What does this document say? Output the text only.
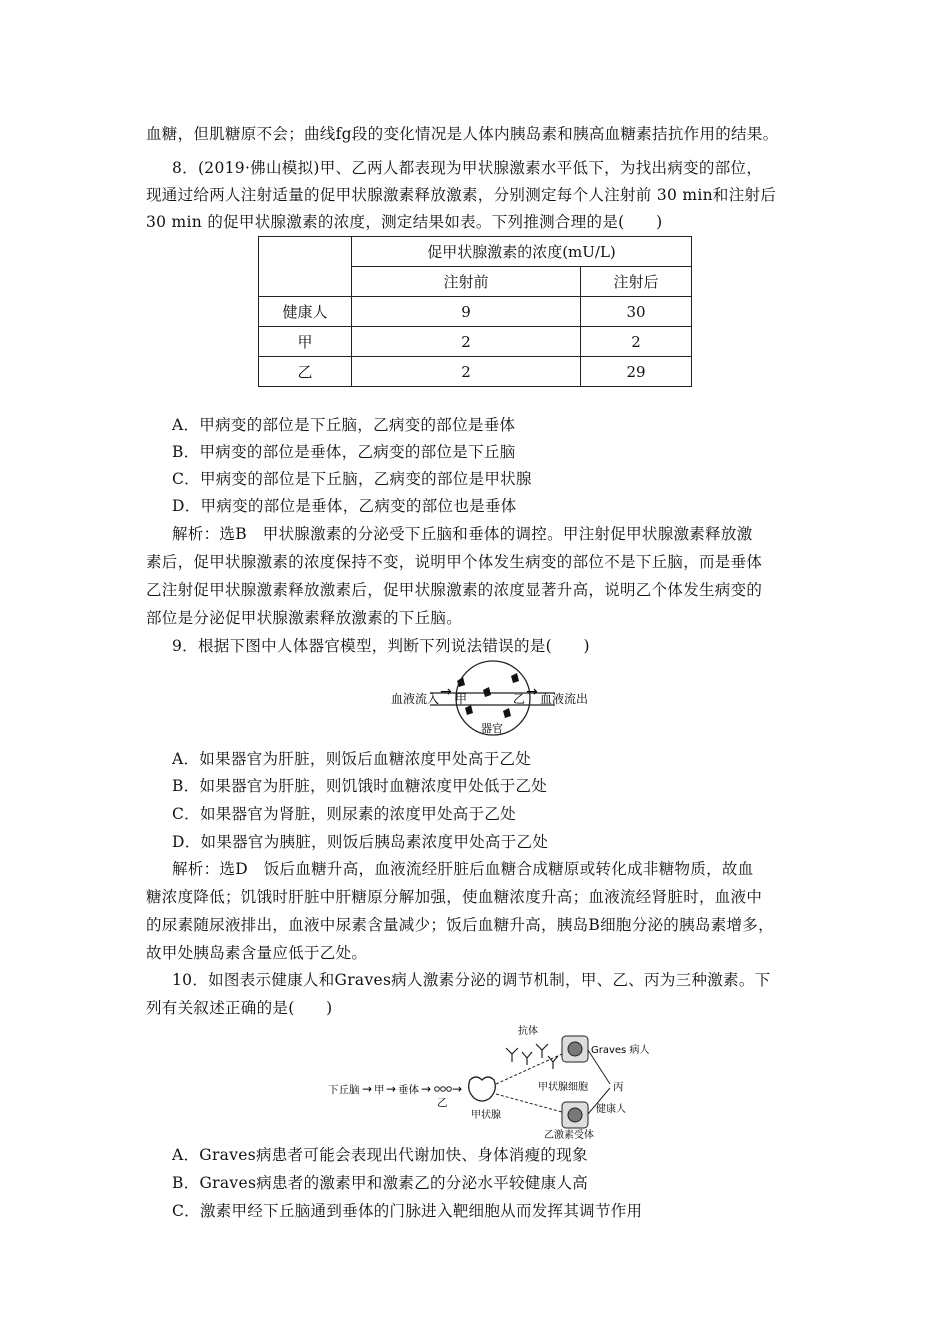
血糖，但肌糖原不会；曲线fg段的变化情况是人体内胰岛素和胰高血糖素拮抗作用的结果。
8．(2019·佛山模拟)甲、乙两人都表现为甲状腺激素水平低下，为找出病变的部位，
现通过给两人注射适量的促甲状腺激素释放激素，分别测定每个人注射前 30 min和注射后
30 min 的促甲状腺激素的浓度，测定结果如表。下列推测合理的是(　　)
	促甲状腺激素的浓度(mU/L)	
	注射前	注射后
健康人	9	30
甲	2	2
乙	2	29
A．甲病变的部位是下丘脑，乙病变的部位是垂体
B．甲病变的部位是垂体，乙病变的部位是下丘脑
C．甲病变的部位是下丘脑，乙病变的部位是甲状腺
D．甲病变的部位是垂体，乙病变的部位也是垂体
解析：选B　甲状腺激素的分泌受下丘脑和垂体的调控。甲注射促甲状腺激素释放激
素后，促甲状腺激素的浓度保持不变，说明甲个体发生病变的部位不是下丘脑，而是垂体
乙注射促甲状腺激素释放激素后，促甲状腺激素的浓度显著升高，说明乙个体发生病变的
部位是分泌促甲状腺激素释放激素的下丘脑。
9．根据下图中人体器官模型，判断下列说法错误的是(　　)
血液流入 → 甲	乙 → 血液流出
器官
A．如果器官为肝脏，则饭后血糖浓度甲处高于乙处
B．如果器官为肝脏，则饥饿时血糖浓度甲处低于乙处
C．如果器官为肾脏，则尿素的浓度甲处高于乙处
D．如果器官为胰脏，则饭后胰岛素浓度甲处高于乙处
解析：选D　饭后血糖升高，血液流经肝脏后血糖合成糖原或转化成非糖物质，故血
糖浓度降低；饥饿时肝脏中肝糖原分解加强，使血糖浓度升高；血液流经肾脏时，血液中
的尿素随尿液排出，血液中尿素含量减少；饭后血糖升高，胰岛B细胞分泌的胰岛素增多，
故甲处胰岛素含量应低于乙处。
10．如图表示健康人和Graves病人激素分泌的调节机制，甲、乙、丙为三种激素。下
列有关叙述正确的是(　　)
抗体
Graves 病人
下丘脑 → 甲 → 垂体 →
乙
→
甲状腺
甲状腺细胞 丙
健康人
乙激素受体
A．Graves病患者可能会表现出代谢加快、身体消瘦的现象
B．Graves病患者的激素甲和激素乙的分泌水平较健康人高
C．激素甲经下丘脑通到垂体的门脉进入靶细胞从而发挥其调节作用
